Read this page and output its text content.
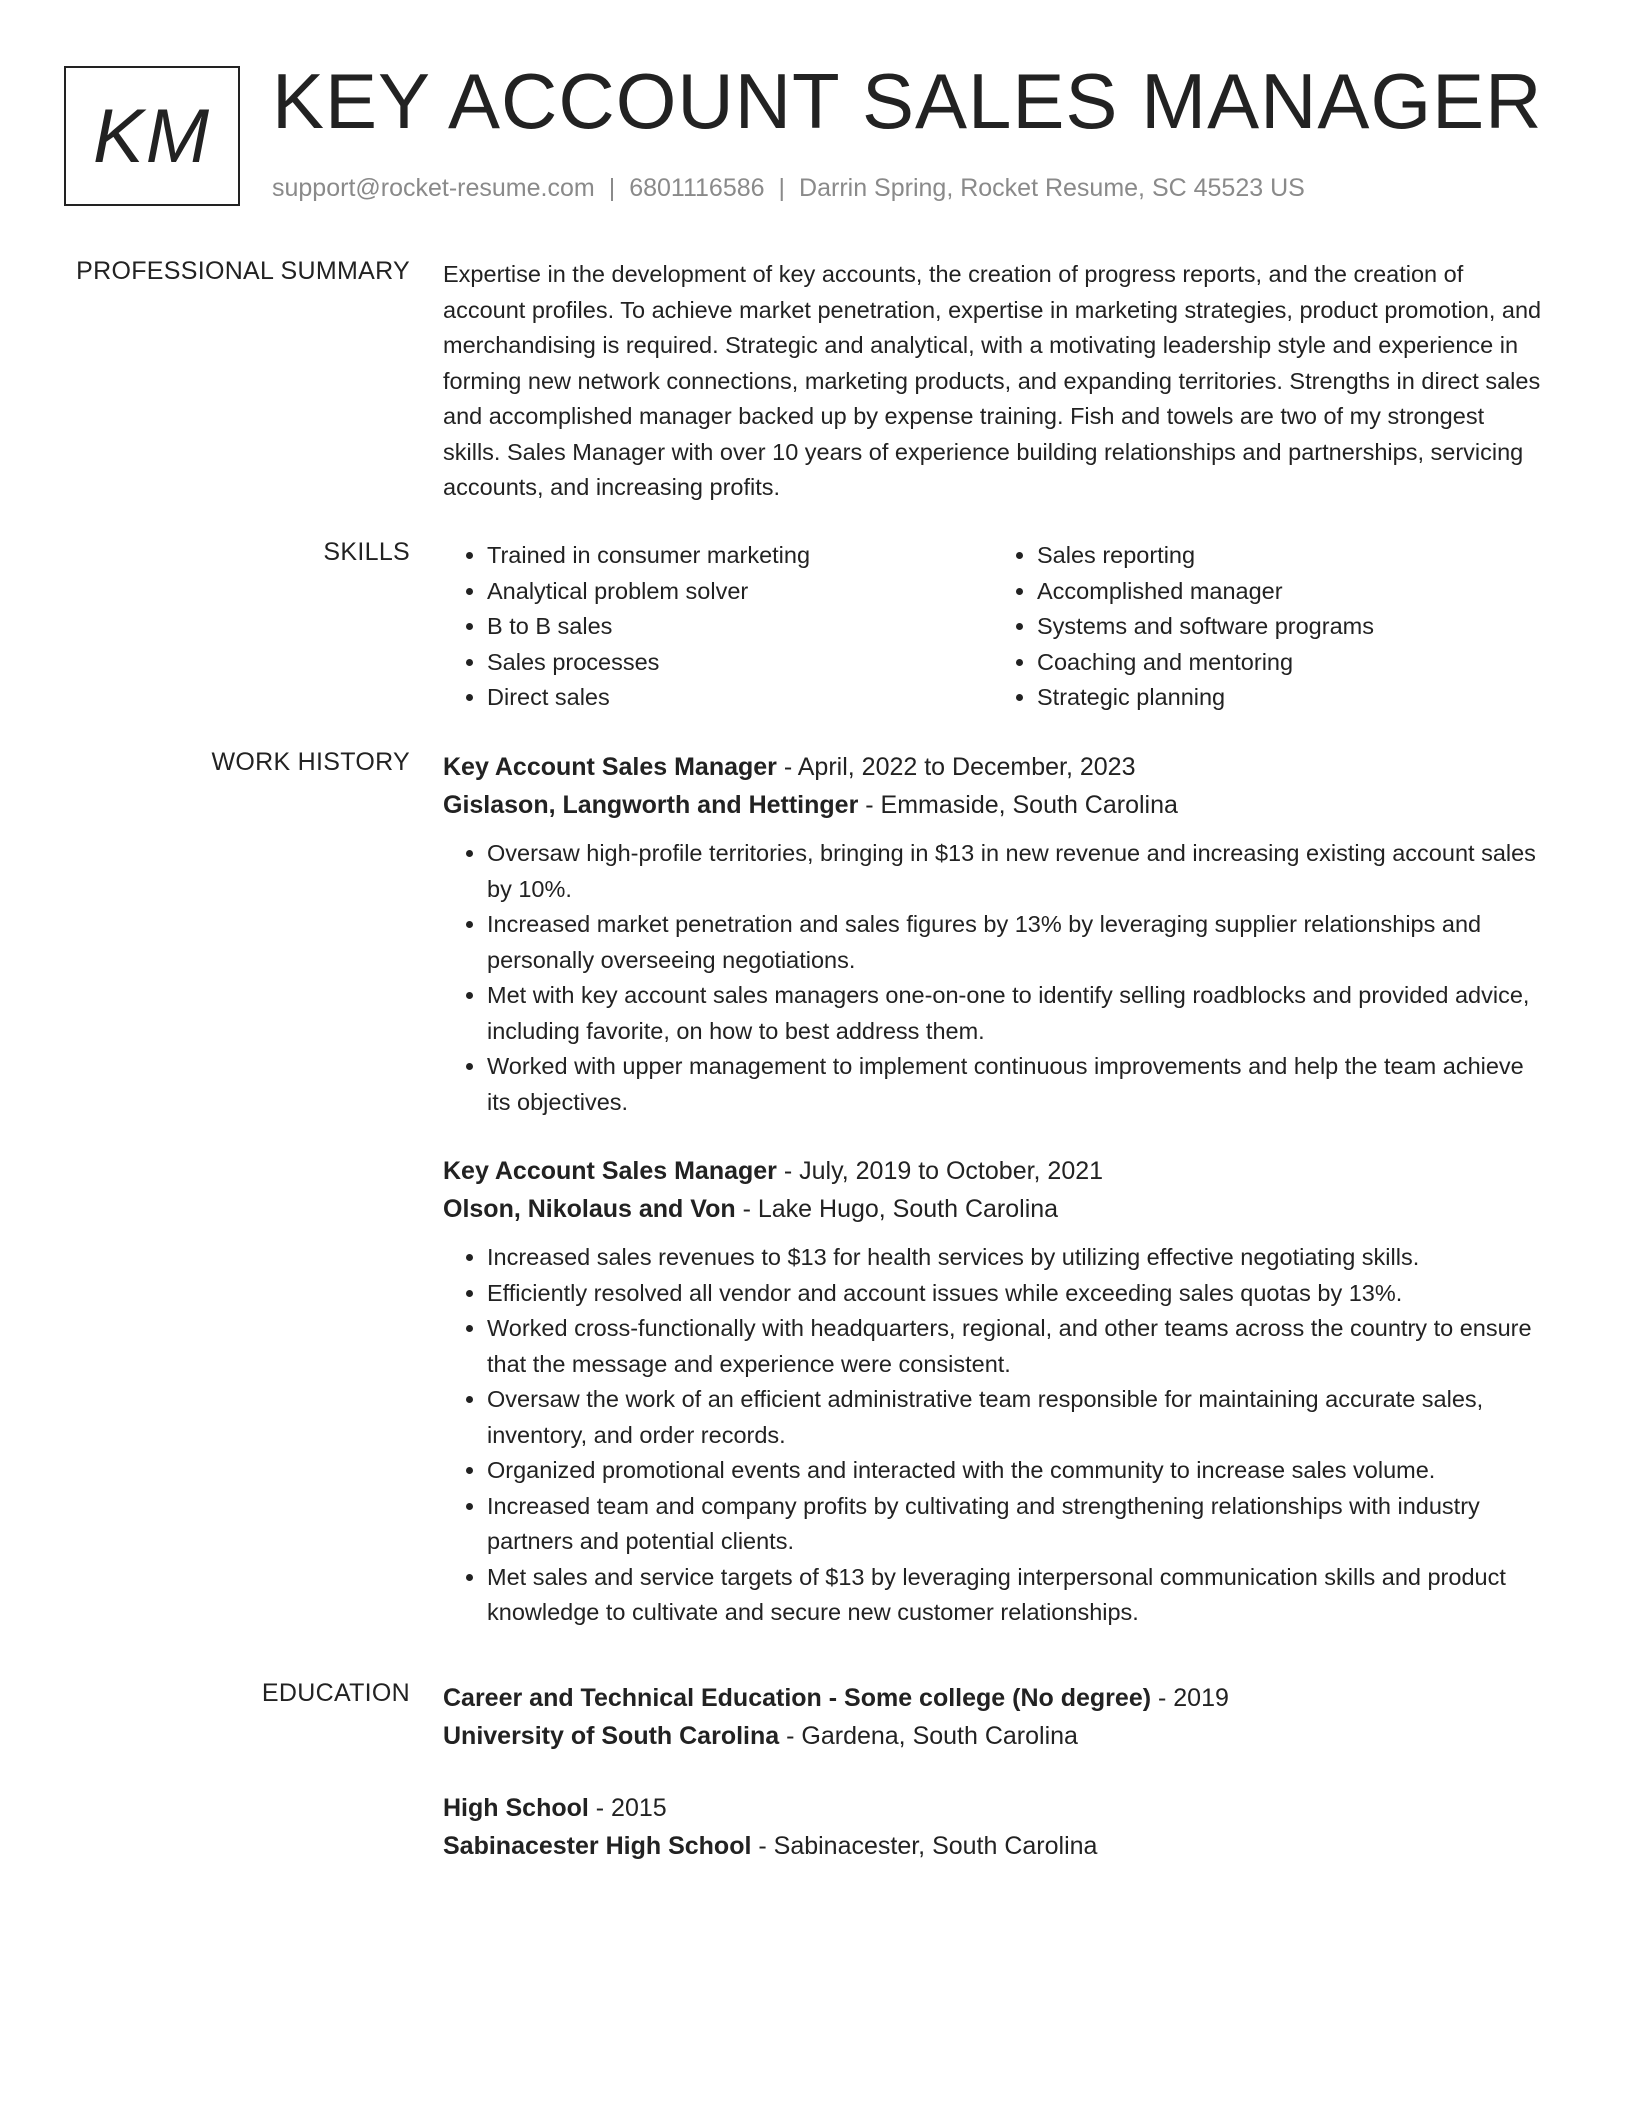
KM KEY ACCOUNT SALES MANAGER
support@rocket-resume.com | 6801116586 | Darrin Spring, Rocket Resume, SC 45523 US
PROFESSIONAL SUMMARY Expertise in the development of key accounts, the creation of progress reports, and the creation of account profiles. To achieve market penetration, expertise in marketing strategies, product promotion, and merchandising is required. Strategic and analytical, with a motivating leadership style and experience in forming new network connections, marketing products, and expanding territories. Strengths in direct sales and accomplished manager backed up by expense training. Fish and towels are two of my strongest skills. Sales Manager with over 10 years of experience building relationships and partnerships, servicing accounts, and increasing profits.

SKILLS
•	Trained in consumer marketing
• Analytical problem solver
• B to B sales
• Sales processes
• Direct sales
• Sales reporting
• Accomplished manager
• Systems and software programs
• Coaching and mentoring
• Strategic planning
WORK HISTORY Key Account Sales Manager - April, 2022 to December, 2023
Gislason, Langworth and Hettinger - Emmaside, South Carolina
• Oversaw high-profile territories, bringing in $13 in new revenue and increasing existing account sales by 10%.
• Increased market penetration and sales figures by 13% by leveraging supplier relationships and personally overseeing negotiations.
• Met with key account sales managers one-on-one to identify selling roadblocks and provided advice, including favorite, on how to best address them.
• Worked with upper management to implement continuous improvements and help the team achieve its objectives.
Key Account Sales Manager - July, 2019 to October, 2021
Olson, Nikolaus and Von - Lake Hugo, South Carolina
• Increased sales revenues to $13 for health services by utilizing effective negotiating skills.
• Efficiently resolved all vendor and account issues while exceeding sales quotas by 13%.
• Worked cross-functionally with headquarters, regional, and other teams across the country to ensure that the message and experience were consistent.
• Oversaw the work of an efficient administrative team responsible for maintaining accurate sales, inventory, and order records.
• Organized promotional events and interacted with the community to increase sales volume.
• Increased team and company profits by cultivating and strengthening relationships with industry partners and potential clients.
• Met sales and service targets of $13 by leveraging interpersonal communication skills and product knowledge to cultivate and secure new customer relationships.
EDUCATION Career and Technical Education - Some college (No degree) - 2019
University of South Carolina - Gardena, South Carolina
High School - 2015
Sabinacester High School - Sabinacester, South Carolina
